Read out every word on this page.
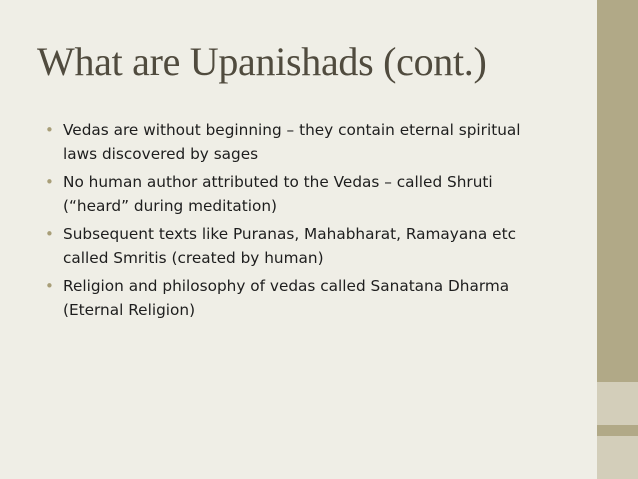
What are Upanishads (cont.)
• Vedas are without beginning – they contain eternal spiritual
laws discovered by sages
• No human author attributed to the Vedas – called Shruti
(“heard” during meditation)
• Subsequent texts like Puranas, Mahabharat, Ramayana etc
called Smritis (created by human)
• Religion and philosophy of vedas called Sanatana Dharma
(Eternal Religion)
